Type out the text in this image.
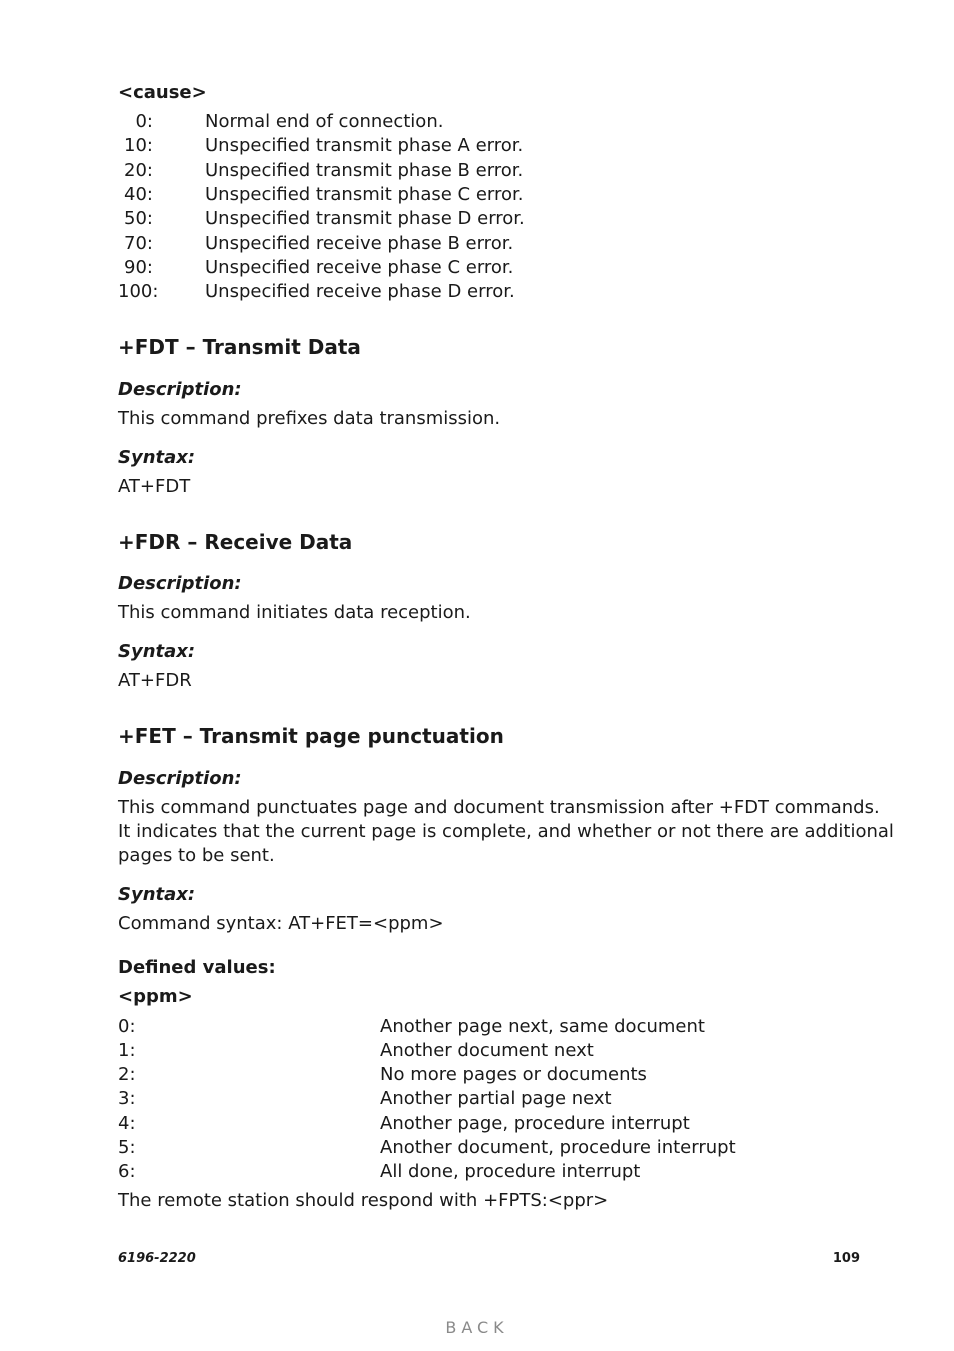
<cause>
0:	Normal end of connection.
10:	Unspecified transmit phase A error.
20:	Unspecified transmit phase B error.
40:	Unspecified transmit phase C error.
50:	Unspecified transmit phase D error.
70:	Unspecified receive phase B error.
90:	Unspecified receive phase C error.
100:	Unspecified receive phase D error.
+FDT – Transmit Data
Description:
This command prefixes data transmission.
Syntax:
AT+FDT
+FDR – Receive Data
Description:
This command initiates data reception.
Syntax:
AT+FDR
+FET – Transmit page punctuation
Description:
This command punctuates page and document transmission after +FDT commands.
It indicates that the current page is complete, and whether or not there are additional
pages to be sent.
Syntax:
Command syntax: AT+FET=<ppm>
Defined values:
<ppm>
0:	Another page next, same document
1:	Another document next
2:	No more pages or documents
3:	Another partial page next
4:	Another page, procedure interrupt
5:	Another document, procedure interrupt
6:	All done, procedure interrupt
The remote station should respond with +FPTS:<ppr>
6196-2220	109
BACK
